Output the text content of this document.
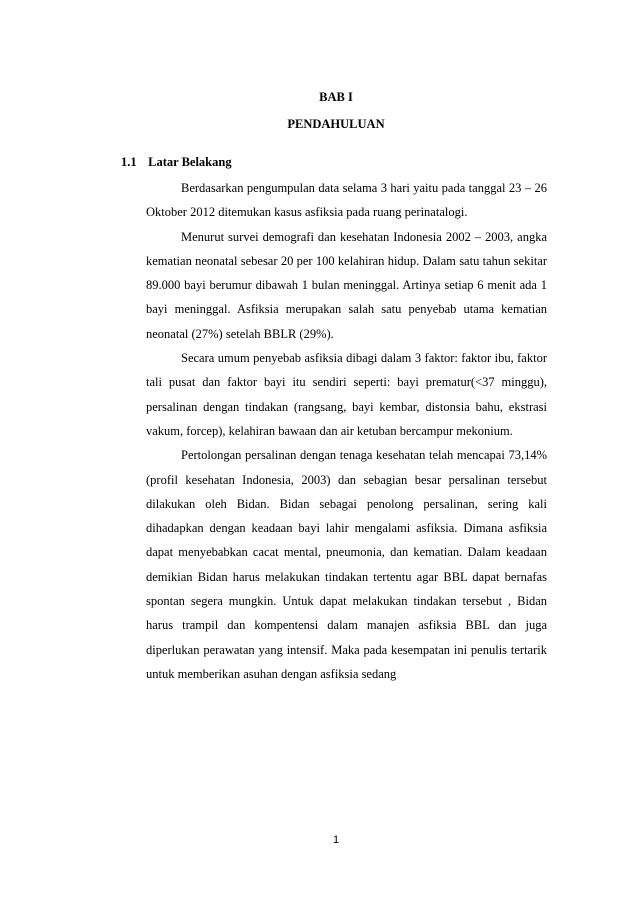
BAB I
PENDAHULUAN
1.1 Latar Belakang

Berdasarkan pengumpulan data selama 3 hari yaitu pada tanggal 23 – 26 Oktober 2012 ditemukan kasus asfiksia pada ruang perinatalogi.

Menurut survei demografi dan kesehatan Indonesia 2002 – 2003, angka kematian neonatal sebesar 20 per 100 kelahiran hidup. Dalam satu tahun sekitar 89.000 bayi berumur dibawah 1 bulan meninggal. Artinya setiap 6 menit ada 1 bayi meninggal. Asfiksia merupakan salah satu penyebab utama kematian neonatal (27%) setelah BBLR (29%).

Secara umum penyebab asfiksia dibagi dalam 3 faktor: faktor ibu, faktor tali pusat dan faktor bayi itu sendiri seperti: bayi prematur(<37 minggu), persalinan dengan tindakan (rangsang, bayi kembar, distonsia bahu, ekstrasi vakum, forcep), kelahiran bawaan dan air ketuban bercampur mekonium.

Pertolongan persalinan dengan tenaga kesehatan telah mencapai 73,14% (profil kesehatan Indonesia, 2003) dan sebagian besar persalinan tersebut dilakukan oleh Bidan. Bidan sebagai penolong persalinan, sering kali dihadapkan dengan keadaan bayi lahir mengalami asfiksia. Dimana asfiksia dapat menyebabkan cacat mental, pneumonia, dan kematian. Dalam keadaan demikian Bidan harus melakukan tindakan tertentu agar BBL dapat bernafas spontan segera mungkin. Untuk dapat melakukan tindakan tersebut , Bidan harus trampil dan kompentensi dalam manajen asfiksia BBL dan juga diperlukan perawatan yang intensif. Maka pada kesempatan ini penulis tertarik untuk memberikan asuhan dengan asfiksia sedang

1
